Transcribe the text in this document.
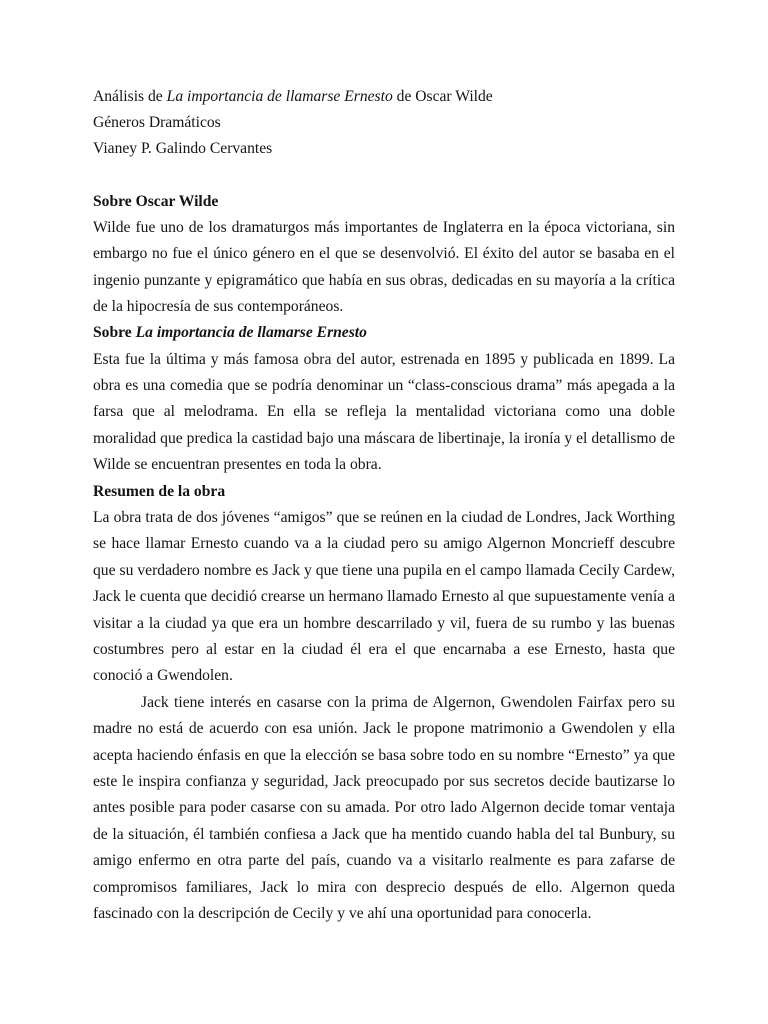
Análisis de La importancia de llamarse Ernesto de Oscar Wilde

Géneros Dramáticos

Vianey P. Galindo Cervantes

Sobre Oscar Wilde

Wilde fue uno de los dramaturgos más importantes de Inglaterra en la época victoriana, sin embargo no fue el único género en el que se desenvolvió. El éxito del autor se basaba en el ingenio punzante y epigramático que había en sus obras, dedicadas en su mayoría a la crítica de la hipocresía de sus contemporáneos.

Sobre La importancia de llamarse Ernesto

Esta fue la última y más famosa obra del autor, estrenada en 1895 y publicada en 1899. La obra es una comedia que se podría denominar un “class-conscious drama” más apegada a la farsa que al melodrama. En ella se refleja la mentalidad victoriana como una doble moralidad que predica la castidad bajo una máscara de libertinaje, la ironía y el detallismo de Wilde se encuentran presentes en toda la obra.

Resumen de la obra

La obra trata de dos jóvenes “amigos” que se reúnen en la ciudad de Londres, Jack Worthing se hace llamar Ernesto cuando va a la ciudad pero su amigo Algernon Moncrieff descubre que su verdadero nombre es Jack y que tiene una pupila en el campo llamada Cecily Cardew, Jack le cuenta que decidió crearse un hermano llamado Ernesto al que supuestamente venía a visitar a la ciudad ya que era un hombre descarrilado y vil, fuera de su rumbo y las buenas costumbres pero al estar en la ciudad él era el que encarnaba a ese Ernesto, hasta que conoció a Gwendolen.

Jack tiene interés en casarse con la prima de Algernon, Gwendolen Fairfax pero su madre no está de acuerdo con esa unión. Jack le propone matrimonio a Gwendolen y ella acepta haciendo énfasis en que la elección se basa sobre todo en su nombre “Ernesto” ya que este le inspira confianza y seguridad, Jack preocupado por sus secretos decide bautizarse lo antes posible para poder casarse con su amada. Por otro lado Algernon decide tomar ventaja de la situación, él también confiesa a Jack que ha mentido cuando habla del tal Bunbury, su amigo enfermo en otra parte del país, cuando va a visitarlo realmente es para zafarse de compromisos familiares, Jack lo mira con desprecio después de ello. Algernon queda fascinado con la descripción de Cecily y ve ahí una oportunidad para conocerla.
